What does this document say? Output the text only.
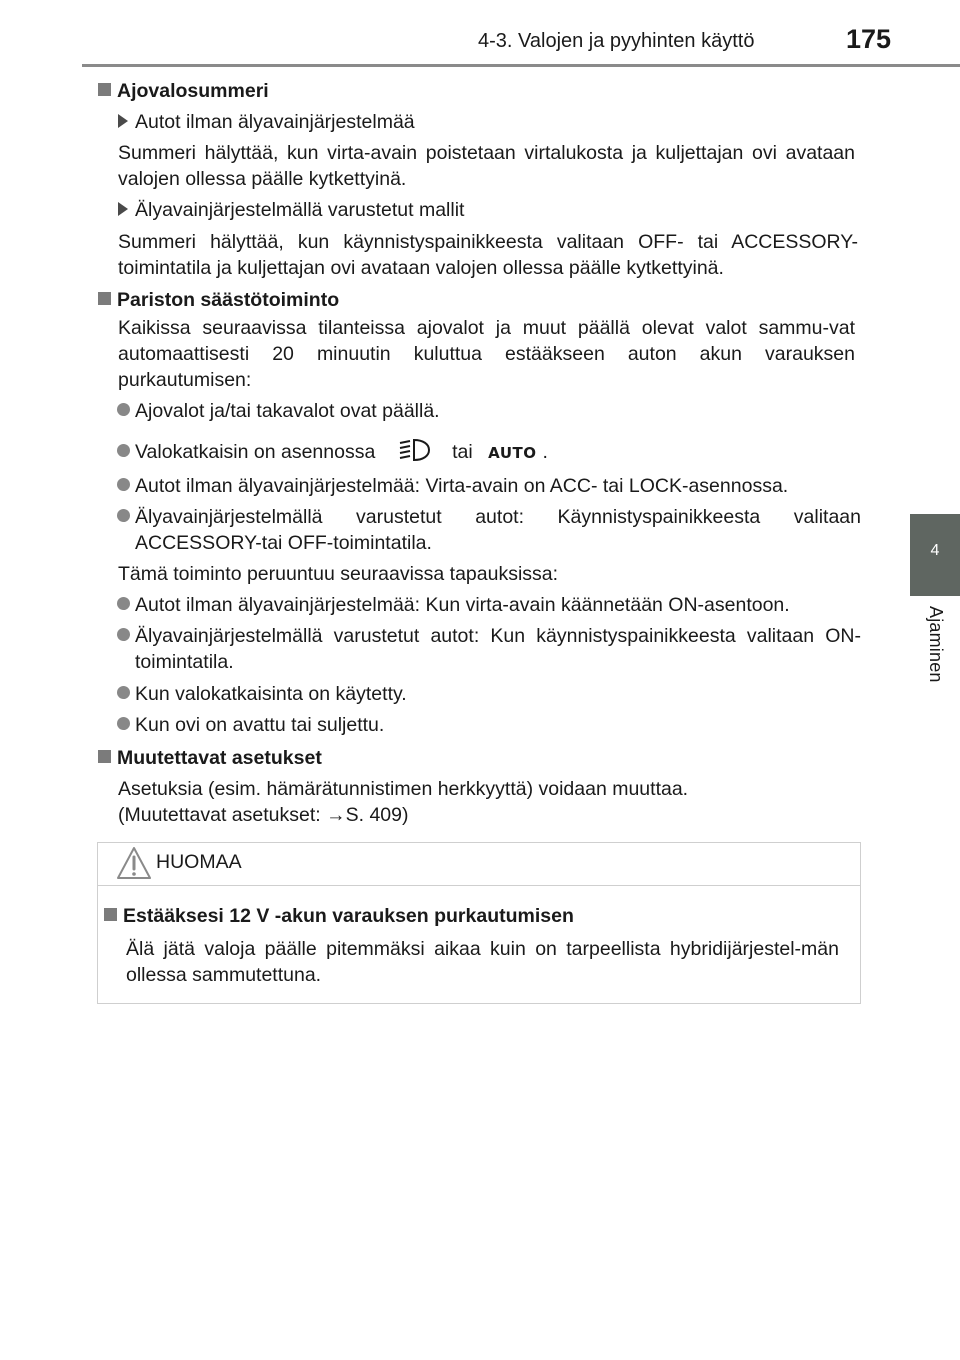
4-3. Valojen ja pyyhinten käyttö	175
4
Ajaminen
Ajovalosummeri
Autot ilman älyavainjärjestelmää
Summeri hälyttää, kun virta-avain poistetaan virtalukosta ja kuljettajan ovi avataan valojen ollessa päälle kytkettyinä.
Älyavainjärjestelmällä varustetut mallit
Summeri hälyttää, kun käynnistyspainikkeesta valitaan OFF- tai ACCESSORY-toimintatila ja kuljettajan ovi avataan valojen ollessa päälle kytkettyinä.
Pariston säästötoiminto
Kaikissa seuraavissa tilanteissa ajovalot ja muut päällä olevat valot sammu-vat automaattisesti 20 minuutin kuluttua estääkseen auton akun varauksen purkautumisen:
Ajovalot ja/tai takavalot ovat päällä.
Valokatkaisin on asennossa	tai AUTO .
Autot ilman älyavainjärjestelmää: Virta-avain on ACC- tai LOCK-asennossa.
Älyavainjärjestelmällä varustetut autot: Käynnistyspainikkeesta valitaan ACCESSORY-tai OFF-toimintatila.
Tämä toiminto peruuntuu seuraavissa tapauksissa:
Autot ilman älyavainjärjestelmää: Kun virta-avain käännetään ON-asentoon.
Älyavainjärjestelmällä varustetut autot: Kun käynnistyspainikkeesta valitaan ON-toimintatila.
Kun valokatkaisinta on käytetty.
Kun ovi on avattu tai suljettu.
Muutettavat asetukset
Asetuksia (esim. hämärätunnistimen herkkyyttä) voidaan muuttaa.
(Muutettavat asetukset: →S. 409)
HUOMAA
Estääksesi 12 V -akun varauksen purkautumisen
Älä jätä valoja päälle pitemmäksi aikaa kuin on tarpeellista hybridijärjestel-män ollessa sammutettuna.
